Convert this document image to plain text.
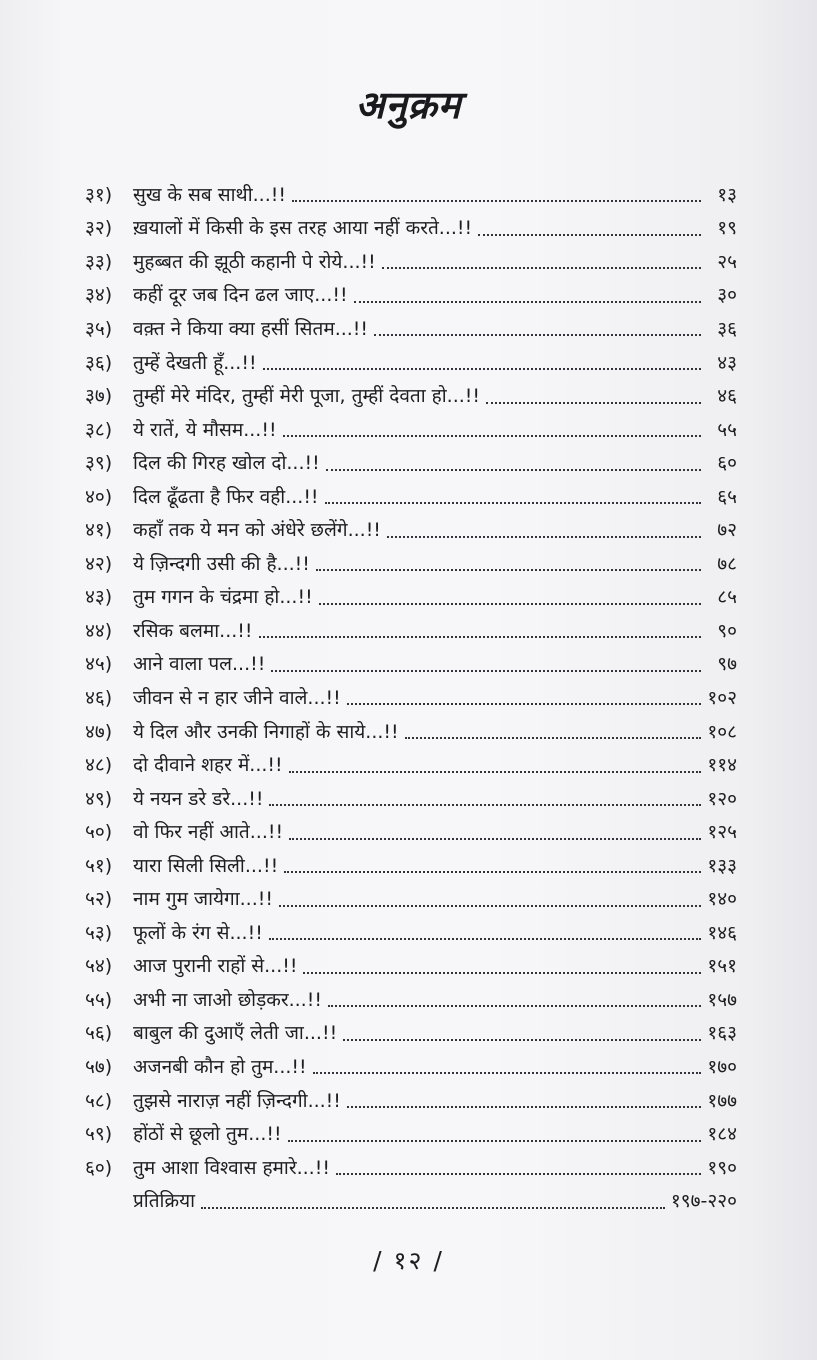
अनुक्रम
३१)	सुख के सब साथी...!!	१३
३२)	ख़यालों में किसी के इस तरह आया नहीं करते...!!	१९
३३)	मुहब्बत की झूठी कहानी पे रोये...!!	२५
३४)	कहीं दूर जब दिन ढल जाए...!!	३०
३५)	वक़्त ने किया क्या हसीं सितम...!!	३६
३६)	तुम्हें देखती हूँ...!!	४३
३७)	तुम्हीं मेरे मंदिर, तुम्हीं मेरी पूजा, तुम्हीं देवता हो...!!	४६
३८)	ये रातें, ये मौसम...!!	५५
३९)	दिल की गिरह खोल दो...!!	६०
४०)	दिल ढूँढता है फिर वही...!!	६५
४१)	कहाँ तक ये मन को अंधेरे छलेंगे...!!	७२
४२)	ये ज़िन्दगी उसी की है...!!	७८
४३)	तुम गगन के चंद्रमा हो...!!	८५
४४)	रसिक बलमा...!!	९०
४५)	आने वाला पल...!!	९७
४६)	जीवन से न हार जीने वाले...!!	१०२
४७)	ये दिल और उनकी निगाहों के साये...!!	१०८
४८)	दो दीवाने शहर में...!!	११४
४९)	ये नयन डरे डरे...!!	१२०
५०)	वो फिर नहीं आते...!!	१२५
५१)	यारा सिली सिली...!!	१३३
५२)	नाम गुम जायेगा...!!	१४०
५३)	फूलों के रंग से...!!	१४६
५४)	आज पुरानी राहों से...!!	१५१
५५)	अभी ना जाओ छोड़कर...!!	१५७
५६)	बाबुल की दुआएँ लेती जा...!!	१६३
५७)	अजनबी कौन हो तुम...!!	१७०
५८)	तुझसे नाराज़ नहीं ज़िन्दगी...!!	१७७
५९)	होंठों से छूलो तुम...!!	१८४
६०)	तुम आशा विश्वास हमारे...!!	१९०
प्रतिक्रिया	१९७-२२०
/ १२ /
